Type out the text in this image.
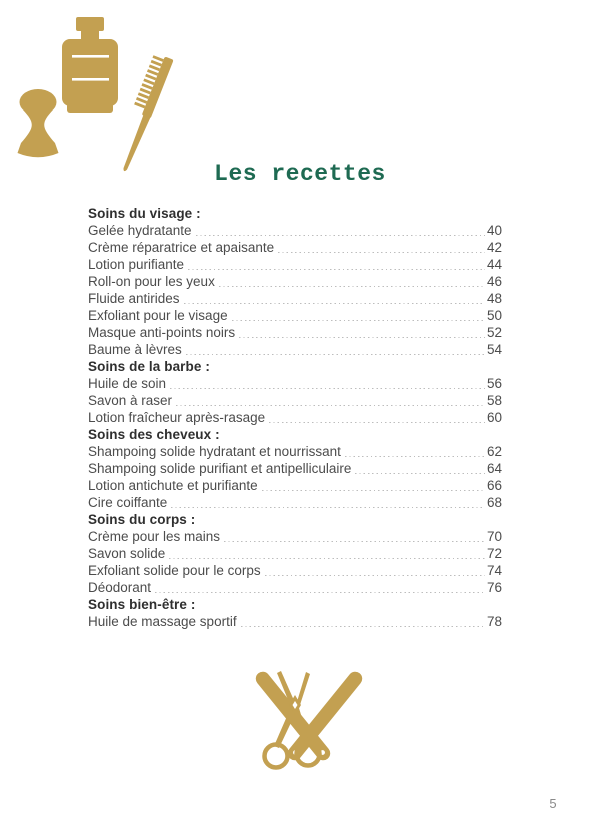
Les recettes
Soins du visage :
Gelée hydratante	40
Crème réparatrice et apaisante	42
Lotion purifiante	44
Roll-on pour les yeux	46
Fluide antirides	48
Exfoliant pour le visage	50
Masque anti-points noirs	52
Baume à lèvres	54
Soins de la barbe :
Huile de soin	56
Savon à raser	58
Lotion fraîcheur après-rasage	60
Soins des cheveux :
Shampoing solide hydratant et nourrissant	62
Shampoing solide purifiant et antipelliculaire	64
Lotion antichute et purifiante	66
Cire coiffante	68
Soins du corps :
Crème pour les mains	70
Savon solide	72
Exfoliant solide pour le corps	74
Déodorant	76
Soins bien-être :
Huile de massage sportif	78
5
